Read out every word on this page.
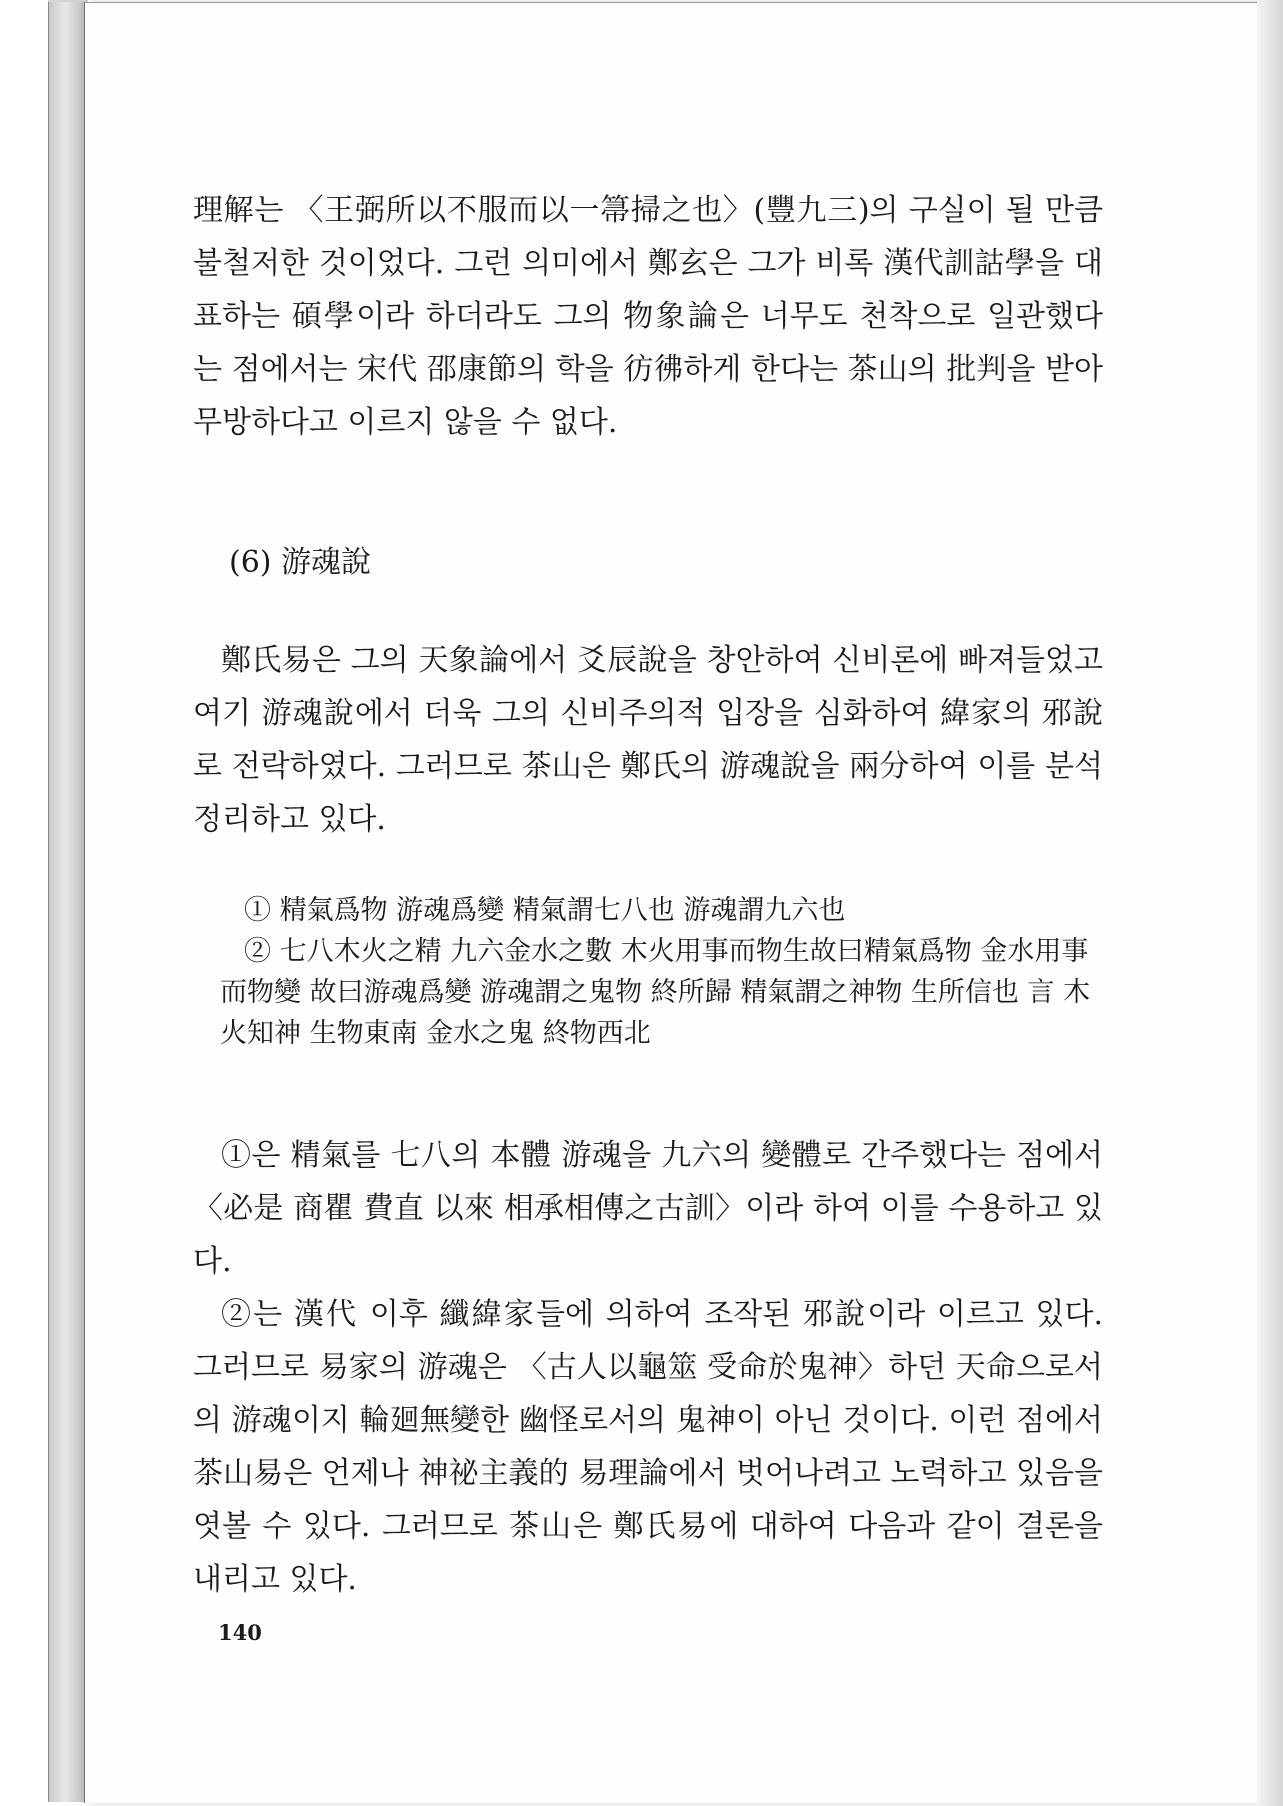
理解는 〈王弼所以不服而以一箒掃之也〉(豐九三)의 구실이 될 만큼 불철저한 것이었다. 그런 의미에서 鄭玄은 그가 비록 漢代訓詁學을 대표하는 碩學이라 하더라도 그의 物象論은 너무도 천착으로 일관했다는 점에서는 宋代 邵康節의 학을 彷彿하게 한다는 茶山의 批判을 받아 무방하다고 이르지 않을 수 없다.

(6) 游魂說

鄭氏易은 그의 天象論에서 爻辰說을 창안하여 신비론에 빠져들었고 여기 游魂說에서 더욱 그의 신비주의적 입장을 심화하여 緯家의 邪說로 전락하였다. 그러므로 茶山은 鄭氏의 游魂說을 兩分하여 이를 분석 정리하고 있다.

① 精氣爲物 游魂爲變 精氣謂七八也 游魂謂九六也

② 七八木火之精 九六金水之數 木火用事而物生故曰精氣爲物 金水用事而物變 故曰游魂爲變 游魂謂之鬼物 終所歸 精氣謂之神物 生所信也 言 木火知神 生物東南 金水之鬼 終物西北

①은 精氣를 七八의 本體 游魂을 九六의 變體로 간주했다는 점에서 〈必是 商瞿 費直 以來 相承相傳之古訓〉이라 하여 이를 수용하고 있다.

②는 漢代 이후 纖緯家들에 의하여 조작된 邪說이라 이르고 있다. 그러므로 易家의 游魂은 〈古人以龜筮 受命於鬼神〉하던 天命으로서의 游魂이지 輪廻無變한 幽怪로서의 鬼神이 아닌 것이다. 이런 점에서 茶山易은 언제나 神祕主義的 易理論에서 벗어나려고 노력하고 있음을 엿볼 수 있다. 그러므로 茶山은 鄭氏易에 대하여 다음과 같이 결론을 내리고 있다.

140
